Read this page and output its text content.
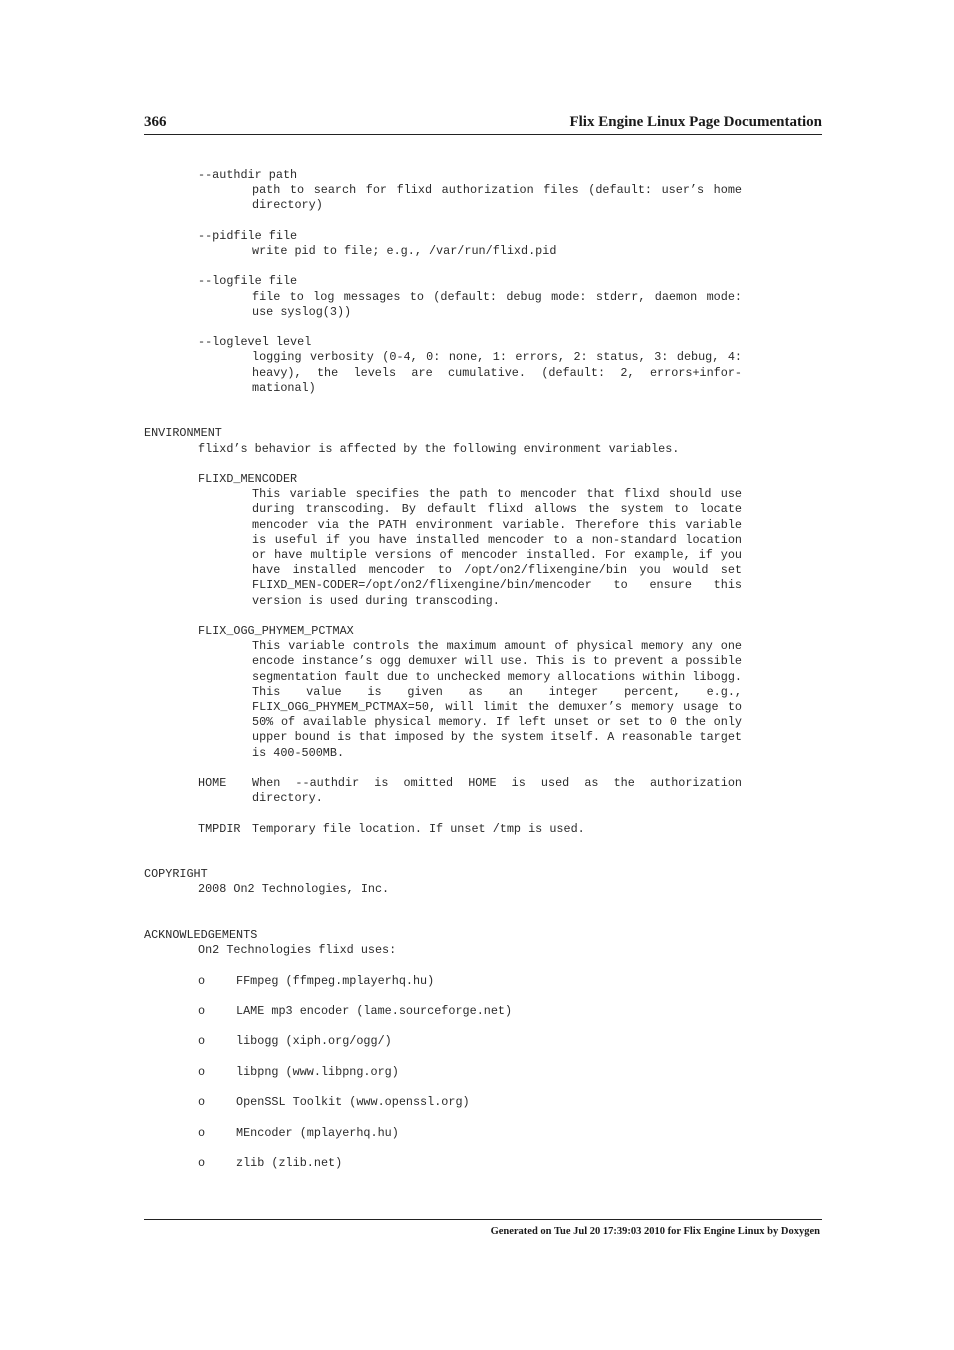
366	Flix Engine Linux Page Documentation
--authdir path
path to search for flixd authorization files (default: user’s home directory)
--pidfile file
write pid to file; e.g., /var/run/flixd.pid
--logfile file
file to log messages to (default: debug mode: stderr, daemon mode: use syslog(3))
--loglevel level
logging verbosity (0-4, 0: none, 1: errors, 2: status, 3: debug, 4: heavy), the levels are cumulative. (default: 2, errors+infor-mational)
ENVIRONMENT
flixd’s behavior is affected by the following environment variables.
FLIXD_MENCODER
This variable specifies the path to mencoder that flixd should use during transcoding. By default flixd allows the system to locate mencoder via the PATH environment variable. Therefore this variable is useful if you have installed mencoder to a non-standard location or have multiple versions of mencoder installed. For example, if you have installed mencoder to /opt/on2/flixengine/bin you would set FLIXD_MEN-CODER=/opt/on2/flixengine/bin/mencoder to ensure this version is used during transcoding.
FLIX_OGG_PHYMEM_PCTMAX
This variable controls the maximum amount of physical memory any one encode instance’s ogg demuxer will use. This is to prevent a possible segmentation fault due to unchecked memory allocations within libogg. This value is given as an integer percent, e.g., FLIX_OGG_PHYMEM_PCTMAX=50, will limit the demuxer’s memory usage to 50% of available physical memory. If left unset or set to 0 the only upper bound is that imposed by the system itself. A reasonable target is 400-500MB.
HOME	When --authdir is omitted HOME is used as the authorization directory.
TMPDIR Temporary file location. If unset /tmp is used.
COPYRIGHT
2008 On2 Technologies, Inc.
ACKNOWLEDGEMENTS
On2 Technologies flixd uses:
o	FFmpeg (ffmpeg.mplayerhq.hu)
o	LAME mp3 encoder (lame.sourceforge.net)
o	libogg (xiph.org/ogg/)
o	libpng (www.libpng.org)
o	OpenSSL Toolkit (www.openssl.org)
o	MEncoder (mplayerhq.hu)
o	zlib (zlib.net)
Generated on Tue Jul 20 17:39:03 2010 for Flix Engine Linux by Doxygen
